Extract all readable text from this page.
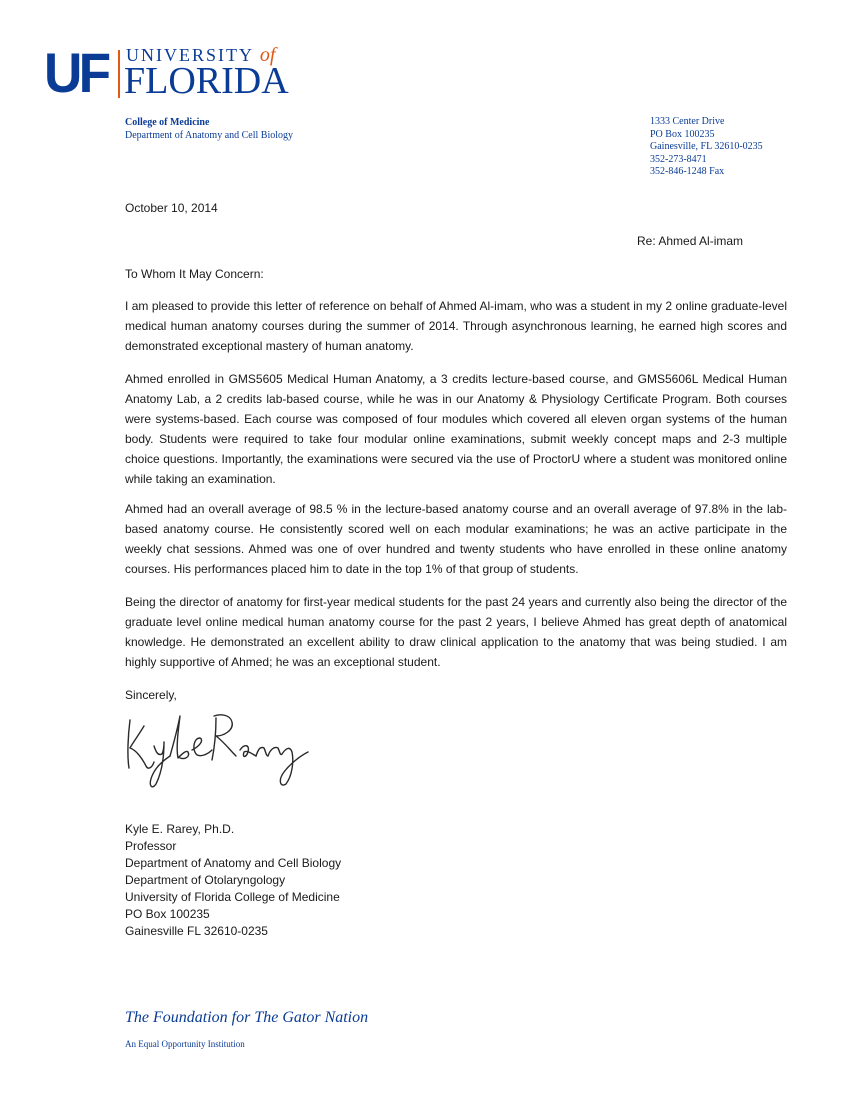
UF UNIVERSITY of
FLORIDA
College of Medicine
Department of Anatomy and Cell Biology
1333 Center Drive
PO Box 100235
Gainesville, FL 32610-0235
352-273-8471
352-846-1248 Fax
October 10, 2014
Re: Ahmed Al-imam
To Whom It May Concern:
I am pleased to provide this letter of reference on behalf of Ahmed Al-imam, who was a student in my 2 online graduate-level medical human anatomy courses during the summer of 2014. Through asynchronous learning, he earned high scores and demonstrated exceptional mastery of human anatomy.
Ahmed enrolled in GMS5605 Medical Human Anatomy, a 3 credits lecture-based course, and GMS5606L Medical Human Anatomy Lab, a 2 credits lab-based course, while he was in our Anatomy & Physiology Certificate Program. Both courses were systems-based. Each course was composed of four modules which covered all eleven organ systems of the human body. Students were required to take four modular online examinations, submit weekly concept maps and 2-3 multiple choice questions. Importantly, the examinations were secured via the use of ProctorU where a student was monitored online while taking an examination.
Ahmed had an overall average of 98.5 % in the lecture-based anatomy course and an overall average of 97.8% in the lab-based anatomy course. He consistently scored well on each modular examinations; he was an active participate in the weekly chat sessions. Ahmed was one of over hundred and twenty students who have enrolled in these online anatomy courses. His performances placed him to date in the top 1% of that group of students.
Being the director of anatomy for first-year medical students for the past 24 years and currently also being the director of the graduate level online medical human anatomy course for the past 2 years, I believe Ahmed has great depth of anatomical knowledge. He demonstrated an excellent ability to draw clinical application to the anatomy that was being studied. I am highly supportive of Ahmed; he was an exceptional student.
Sincerely,
Kyle E. Rarey, Ph.D.
Professor
Department of Anatomy and Cell Biology
Department of Otolaryngology
University of Florida College of Medicine
PO Box 100235
Gainesville FL 32610-0235
The Foundation for The Gator Nation
An Equal Opportunity Institution
